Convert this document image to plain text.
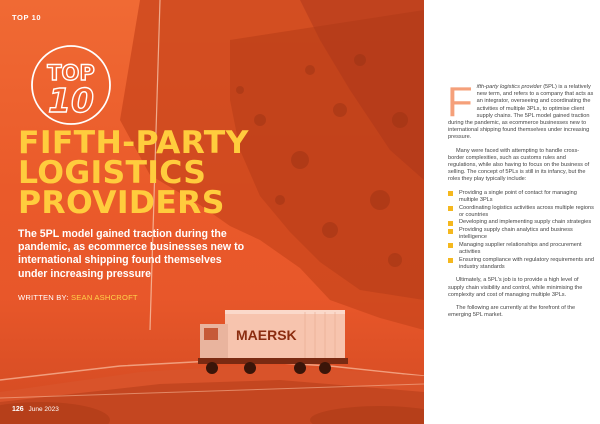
MAERSK
TOP 10
TOP
10
FIFTH-PARTY
LOGISTICS
PROVIDERS

The 5PL model gained traction during the pandemic, as ecommerce businesses new to international shipping found themselves under increasing pressure

WRITTEN BY: SEAN ASHCROFT
126 June 2023

Fifth-party logistics provider (5PL) is a relatively new term, and refers to a company that acts as an integrator, overseeing and coordinating the activities of multiple 3PLs, to optimise client supply chains. The 5PL model gained traction during the pandemic, as ecommerce businesses new to international shipping found themselves under increasing pressure.

Many were faced with attempting to handle cross-border complexities, such as customs rules and regulations, while also having to focus on the business of selling. The concept of 5PLs is still in its infancy, but the roles they play typically include:

Providing a single point of contact for managing multiple 3PLs
Coordinating logistics activities across multiple regions or countries
Developing and implementing supply chain strategies
Providing supply chain analytics and business intelligence
Managing supplier relationships and procurement activities
Ensuring compliance with regulatory requirements and industry standards

Ultimately, a 5PL's job is to provide a high level of supply chain visibility and control, while minimising the complexity and cost of managing multiple 3PLs.

The following are currently at the forefront of the emerging 5PL market.
